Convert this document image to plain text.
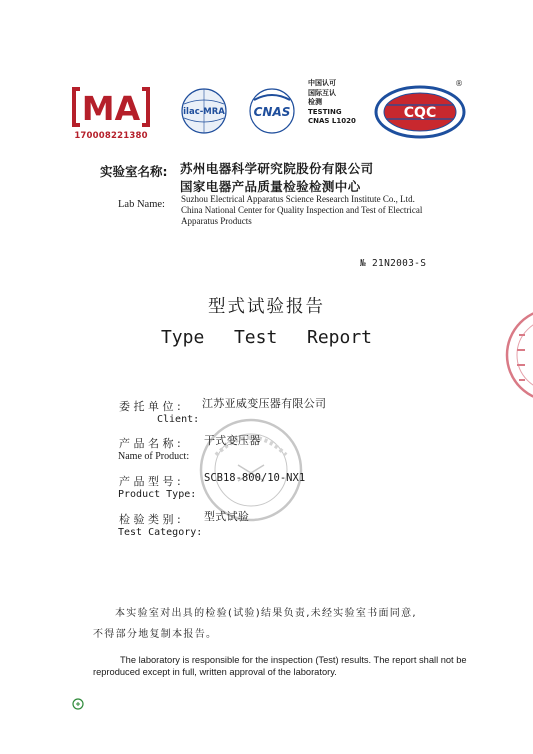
MA
170008221380
ilac-MRA CNAS
中国认可
国际互认
检测
TESTING
CNAS L1020
CQC
®
实验室名称: 苏州电器科学研究院股份有限公司
国家电器产品质量检验检测中心
Lab Name: Suzhou Electrical Apparatus Science Research Institute Co., Ltd.
China National Center for Quality Inspection and Test of Electrical
Apparatus Products
№ 21N2003-S
型式试验报告
Type  Test  Report
委托单位: 江苏亚威变压器有限公司
Client:
产品名称: 干式变压器
Name of Product:
产品型号: SCB18-800/10-NX1
Product Type:
检验类别: 型式试验
Test Category:
本实验室对出具的检验(试验)结果负责,未经实验室书面同意,
不得部分地复制本报告。
The laboratory is responsible for the inspection (Test) results. The report shall not be reproduced except in full, written approval of the laboratory.
